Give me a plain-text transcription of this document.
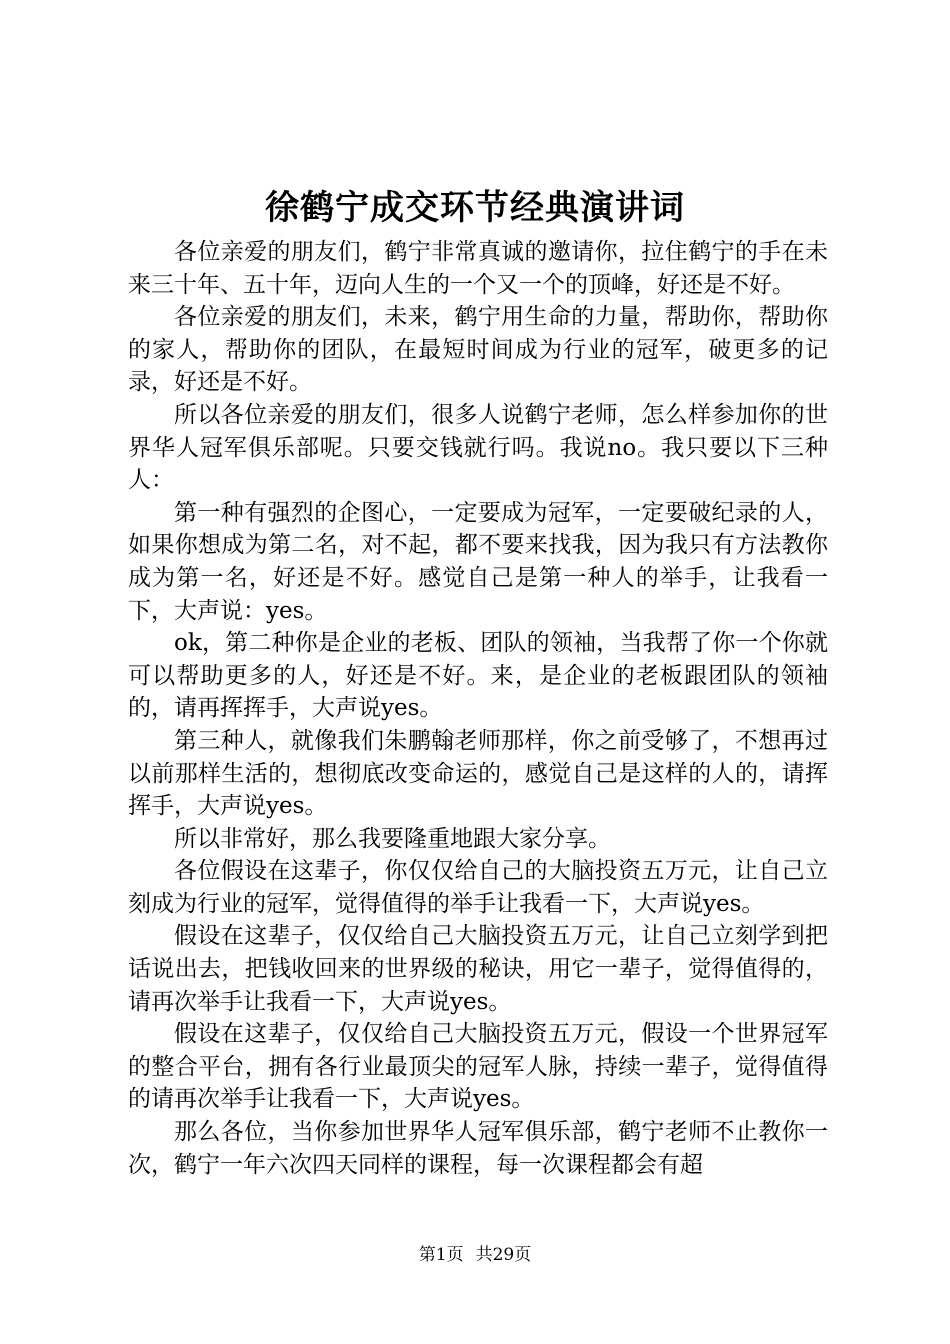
徐鹤宁成交环节经典演讲词

各位亲爱的朋友们，鹤宁非常真诚的邀请你，拉住鹤宁的手在未来三十年、五十年，迈向人生的一个又一个的顶峰，好还是不好。

各位亲爱的朋友们，未来，鹤宁用生命的力量，帮助你，帮助你的家人，帮助你的团队，在最短时间成为行业的冠军，破更多的记录，好还是不好。

所以各位亲爱的朋友们，很多人说鹤宁老师，怎么样参加你的世界华人冠军俱乐部呢。只要交钱就行吗。我说no。我只要以下三种人：

第一种有强烈的企图心，一定要成为冠军，一定要破纪录的人，如果你想成为第二名，对不起，都不要来找我，因为我只有方法教你成为第一名，好还是不好。感觉自己是第一种人的举手，让我看一下，大声说：yes。

ok，第二种你是企业的老板、团队的领袖，当我帮了你一个你就可以帮助更多的人，好还是不好。来，是企业的老板跟团队的领袖的，请再挥挥手，大声说yes。

第三种人，就像我们朱鹏翰老师那样，你之前受够了，不想再过以前那样生活的，想彻底改变命运的，感觉自己是这样的人的，请挥挥手，大声说yes。

所以非常好，那么我要隆重地跟大家分享。

各位假设在这辈子，你仅仅给自己的大脑投资五万元，让自己立刻成为行业的冠军，觉得值得的举手让我看一下，大声说yes。

假设在这辈子，仅仅给自己大脑投资五万元，让自己立刻学到把话说出去，把钱收回来的世界级的秘诀，用它一辈子，觉得值得的，请再次举手让我看一下，大声说yes。

假设在这辈子，仅仅给自己大脑投资五万元，假设一个世界冠军的整合平台，拥有各行业最顶尖的冠军人脉，持续一辈子，觉得值得的请再次举手让我看一下，大声说yes。

那么各位，当你参加世界华人冠军俱乐部，鹤宁老师不止教你一次，鹤宁一年六次四天同样的课程，每一次课程都会有超

第1页 共29页
